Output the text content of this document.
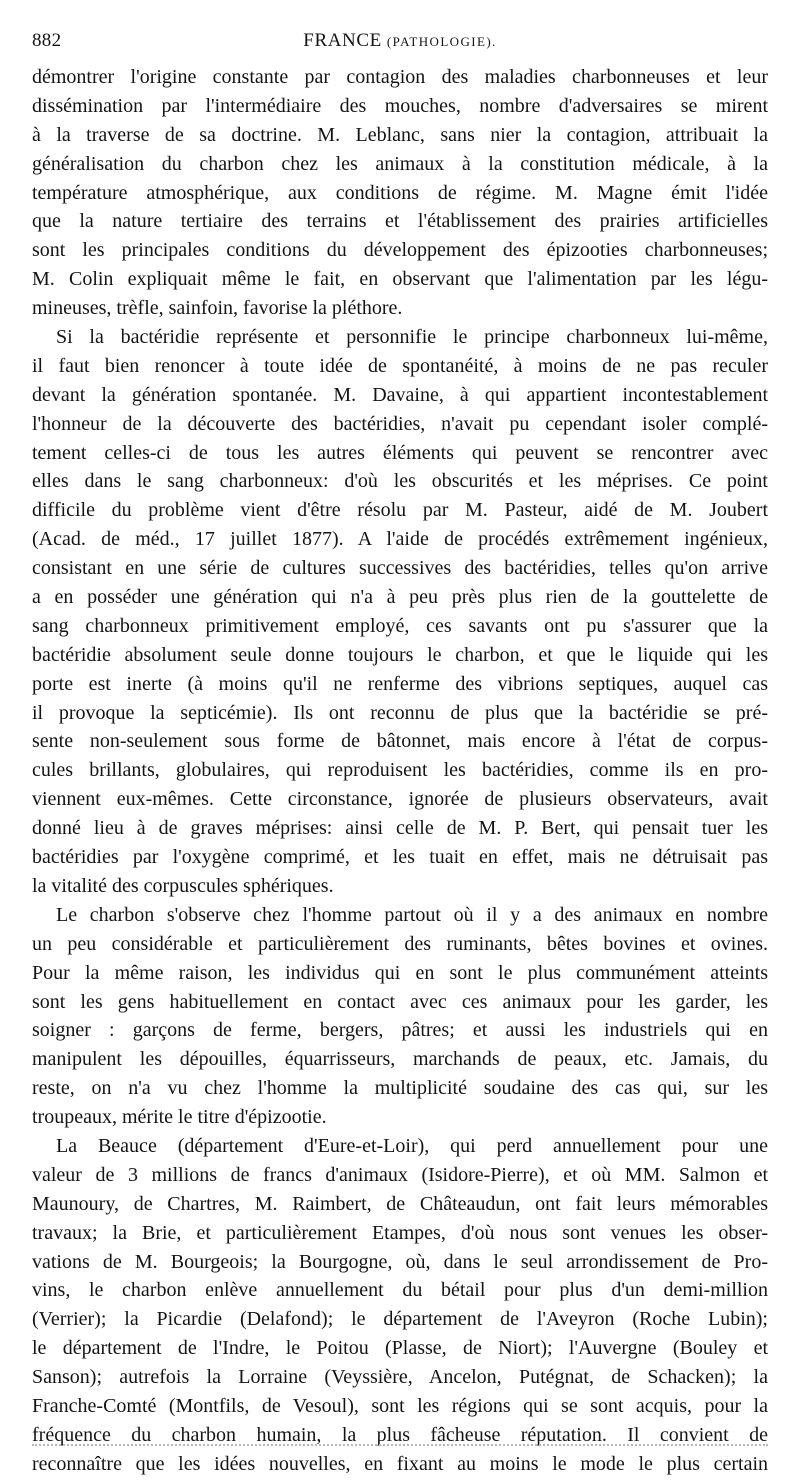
882	FRANCE (PATHOLOGIE).
démontrer l'origine constante par contagion des maladies charbonneuses et leur
dissémination par l'intermédiaire des mouches, nombre d'adversaires se mirent
à la traverse de sa doctrine. M. Leblanc, sans nier la contagion, attribuait la
généralisation du charbon chez les animaux à la constitution médicale, à la
température atmosphérique, aux conditions de régime. M. Magne émit l'idée
que la nature tertiaire des terrains et l'établissement des prairies artificielles
sont les principales conditions du développement des épizooties charbonneuses;
M. Colin expliquait même le fait, en observant que l'alimentation par les légu-
mineuses, trèfle, sainfoin, favorise la pléthore.
Si la bactéridie représente et personnifie le principe charbonneux lui-même,
il faut bien renoncer à toute idée de spontanéité, à moins de ne pas reculer
devant la génération spontanée. M. Davaine, à qui appartient incontestablement
l'honneur de la découverte des bactéridies, n'avait pu cependant isoler complé-
tement celles-ci de tous les autres éléments qui peuvent se rencontrer avec
elles dans le sang charbonneux: d'où les obscurités et les méprises. Ce point
difficile du problème vient d'être résolu par M. Pasteur, aidé de M. Joubert
(Acad. de méd., 17 juillet 1877). A l'aide de procédés extrêmement ingénieux,
consistant en une série de cultures successives des bactéridies, telles qu'on arrive
a en posséder une génération qui n'a à peu près plus rien de la gouttelette de
sang charbonneux primitivement employé, ces savants ont pu s'assurer que la
bactéridie absolument seule donne toujours le charbon, et que le liquide qui les
porte est inerte (à moins qu'il ne renferme des vibrions septiques, auquel cas
il provoque la septicémie). Ils ont reconnu de plus que la bactéridie se pré-
sente non-seulement sous forme de bâtonnet, mais encore à l'état de corpus-
cules brillants, globulaires, qui reproduisent les bactéridies, comme ils en pro-
viennent eux-mêmes. Cette circonstance, ignorée de plusieurs observateurs, avait
donné lieu à de graves méprises: ainsi celle de M. P. Bert, qui pensait tuer les
bactéridies par l'oxygène comprimé, et les tuait en effet, mais ne détruisait pas
la vitalité des corpuscules sphériques.
Le charbon s'observe chez l'homme partout où il y a des animaux en nombre
un peu considérable et particulièrement des ruminants, bêtes bovines et ovines.
Pour la même raison, les individus qui en sont le plus communément atteints
sont les gens habituellement en contact avec ces animaux pour les garder, les
soigner : garçons de ferme, bergers, pâtres; et aussi les industriels qui en
manipulent les dépouilles, équarrisseurs, marchands de peaux, etc. Jamais, du
reste, on n'a vu chez l'homme la multiplicité soudaine des cas qui, sur les
troupeaux, mérite le titre d'épizootie.
La Beauce (département d'Eure-et-Loir), qui perd annuellement pour une
valeur de 3 millions de francs d'animaux (Isidore-Pierre), et où MM. Salmon et
Maunoury, de Chartres, M. Raimbert, de Châteaudun, ont fait leurs mémorables
travaux; la Brie, et particulièrement Etampes, d'où nous sont venues les obser-
vations de M. Bourgeois; la Bourgogne, où, dans le seul arrondissement de Pro-
vins, le charbon enlève annuellement du bétail pour plus d'un demi-million
(Verrier); la Picardie (Delafond); le département de l'Aveyron (Roche Lubin);
le département de l'Indre, le Poitou (Plasse, de Niort); l'Auvergne (Bouley et
Sanson); autrefois la Lorraine (Veyssière, Ancelon, Putégnat, de Schacken); la
Franche-Comté (Montfils, de Vesoul), sont les régions qui se sont acquis, pour la
fréquence du charbon humain, la plus fâcheuse réputation. Il convient de
reconnaître que les idées nouvelles, en fixant au moins le mode le plus certain
